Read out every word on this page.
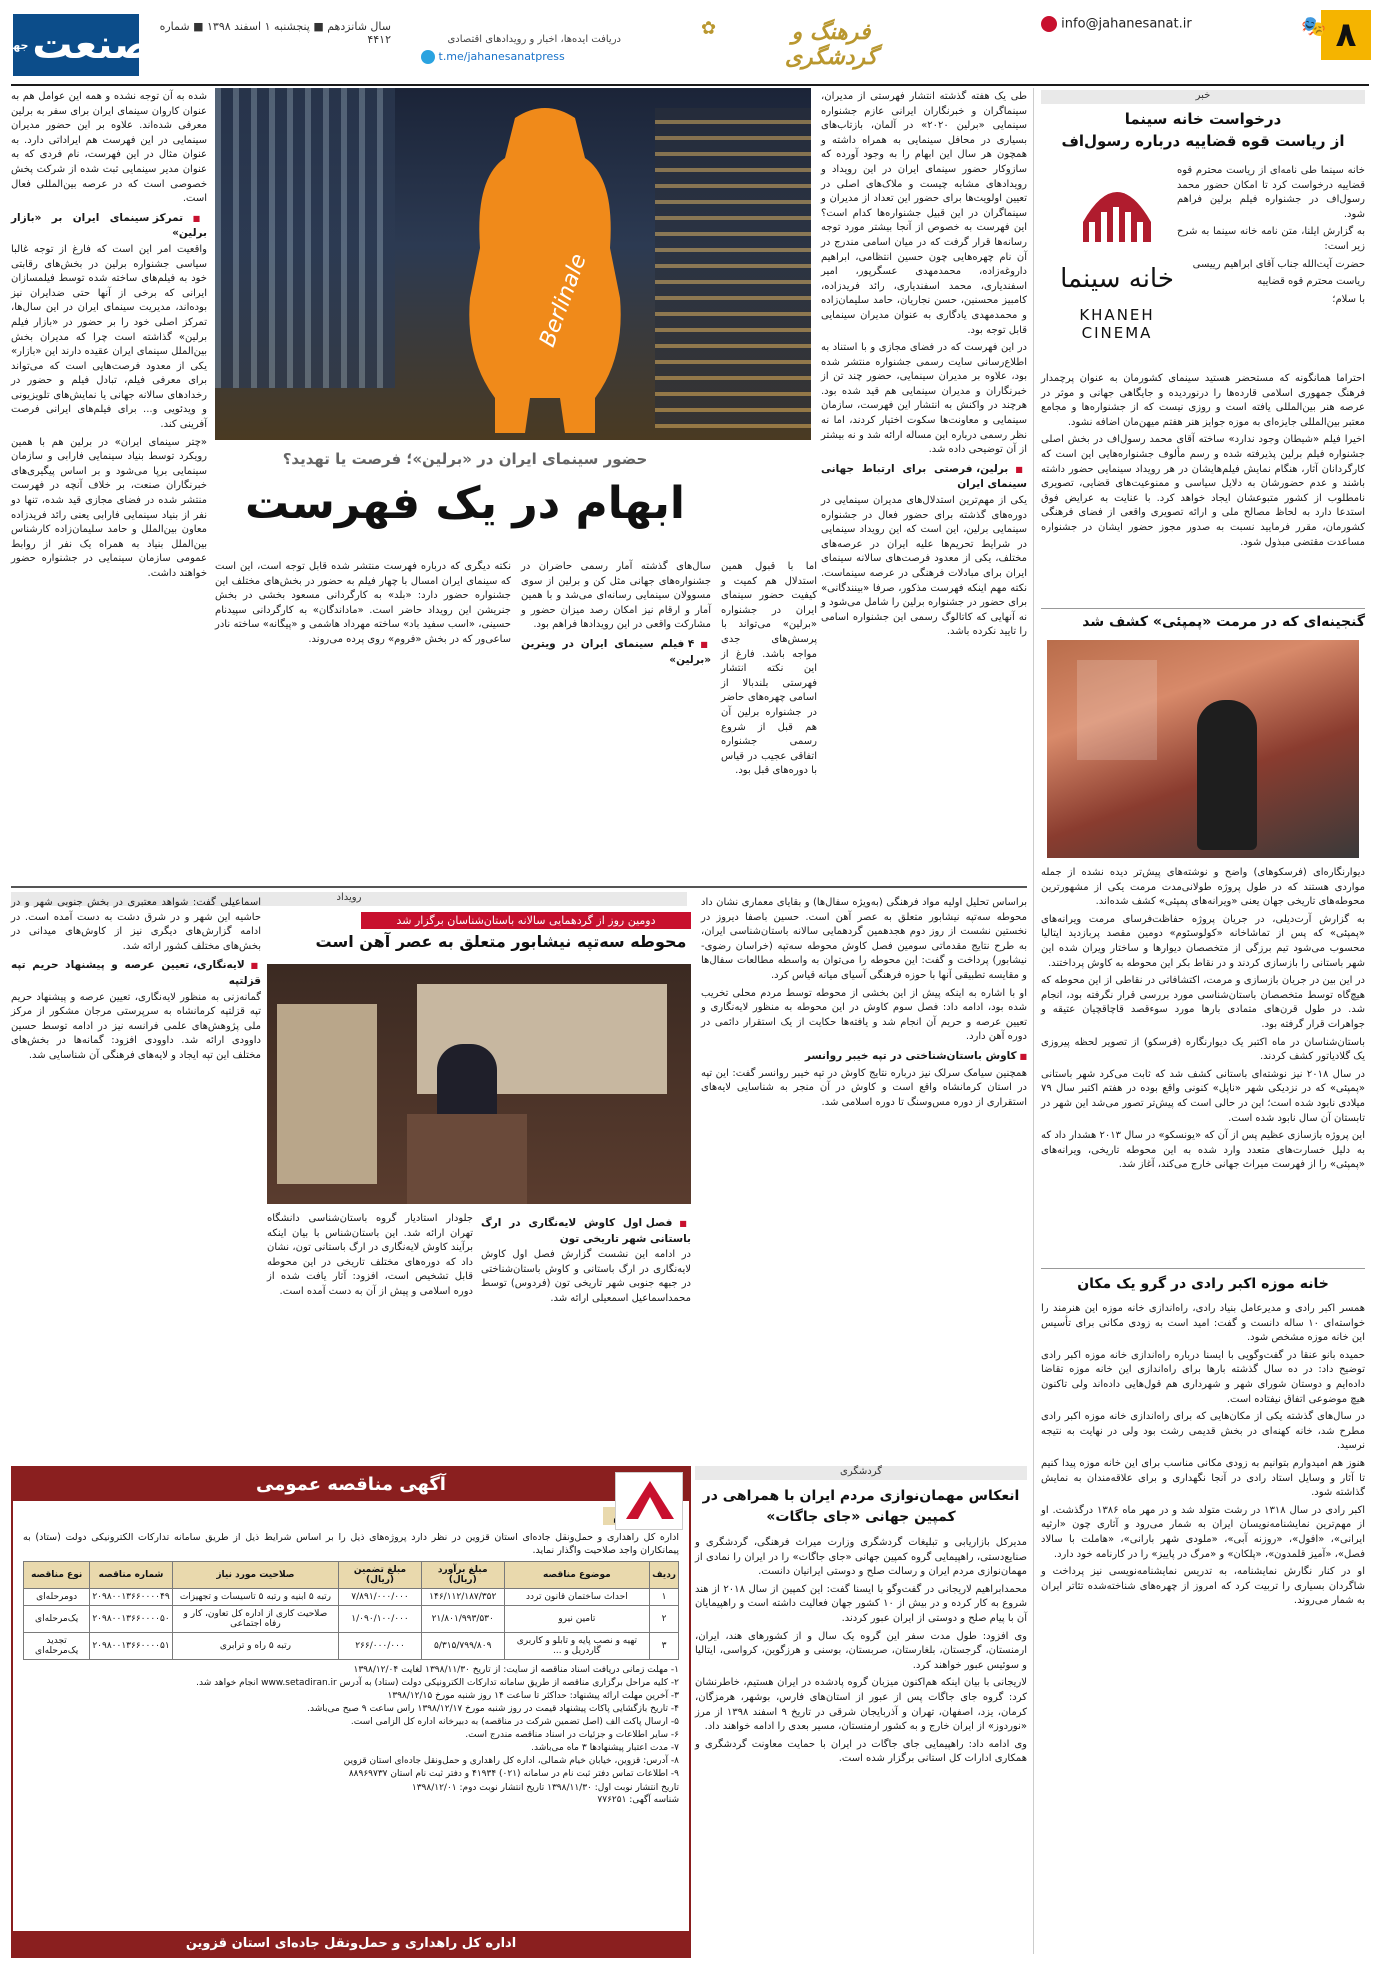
۸
🎭
info@jahanesanat.ir
فرهنگ و گردشگری
✿
دریافت ایده‌ها، اخبار و رویدادهای اقتصادی
t.me/jahanesanatpress
سال شانزدهم ■ پنجشنبه ۱ اسفند ۱۳۹۸ ■ شماره ۴۴۱۲
صنعت
جهان
خبر
درخواست خانه سینما
از ریاست قوه قضاییه درباره رسول‌اف
خانه سینما
KHANEH CINEMA

خانه سینما طی نامه‌ای از ریاست محترم قوه قضاییه درخواست کرد تا امکان حضور محمد رسول‌اف در جشنواره فیلم برلین فراهم شود.

به گزارش ایلنا، متن نامه خانه سینما به شرح زیر است:

حضرت آیت‌الله جناب آقای ابراهیم رییسی

ریاست محترم قوه قضاییه

با سلام؛

احتراما همانگونه که مستحضر هستید سینمای کشورمان به عنوان پرچمدار فرهنگ جمهوری اسلامی قارده‌ها را درنوردیده و جایگاهی جهانی و موثر در عرصه هنر بین‌المللی یافته است و روزی نیست که از جشنواره‌ها و مجامع معتبر بین‌المللی جایزه‌ای به موزه جوایز هنر هفتم میهن‌مان اضافه نشود.

اخیرا فیلم «شیطان وجود ندارد» ساخته آقای محمد رسول‌اف در بخش اصلی جشنواره فیلم برلین پذیرفته شده و رسم مألوف جشنواره‌هایی این است که کارگردانان آثار، هنگام نمایش فیلم‌هایشان در هر رویداد سینمایی حضور داشته باشند و عدم حضورشان به دلایل سیاسی و ممنوعیت‌های قضایی، تصویری نامطلوب از کشور متبوعشان ایجاد خواهد کرد. با عنایت به عرایض فوق استدعا دارد به لحاظ مصالح ملی و ارائه تصویری واقعی از فضای فرهنگی کشورمان، مقرر فرمایید نسبت به صدور مجوز حضور ایشان در جشنواره مساعدت مقتضی مبذول شود.

گنجینه‌ای که در مرمت «پمپئی» کشف شد

دیوارنگاره‌ای (فرسکوهای) واضح و نوشته‌های پیش‌تر دیده نشده از جمله مواردی هستند که در طول پروژه طولانی‌مدت مرمت یکی از مشهورترین محوطه‌های تاریخی جهان یعنی «ویرانه‌های پمپئی» کشف شده‌اند.

به گزارش آرت‌دیلی، در جریان پروژه حفاظت‌فرسای مرمت ویرانه‌های «پمپئی» که پس از تماشاخانه «کولوسئوم» دومین مقصد پربازدید ایتالیا محسوب می‌شود تیم برزگی از متخصصان دیوارها و ساختار ویران شده این شهر باستانی را بازسازی کردند و در نقاط بکر این محوطه به کاوش پرداختند.

در این بین در جریان بازسازی و مرمت، اکتشافاتی در نقاطی از این محوطه که هیچ‌گاه توسط متخصصان باستان‌شناسی مورد بررسی قرار نگرفته بود، انجام شد. در طول قرن‌های متمادی بارها مورد سوءقصد قاچاقچیان عتیقه و جواهرات قرار گرفته بود.

باستان‌شناسان در ماه اکتبر یک دیوارنگاره (فرسکو) از تصویر لحظه پیروزی یک گلادیاتور کشف کردند.

در سال ۲۰۱۸ نیز نوشته‌ای باستانی کشف شد که ثابت می‌کرد شهر باستانی «پمپئی» که در نزدیکی شهر «ناپل» کنونی واقع بوده در هفتم اکتبر سال ۷۹ میلادی نابود شده است؛ این در حالی است که پیش‌تر تصور می‌شد این شهر در تابستان آن سال نابود شده است.

این پروژه بازسازی عظیم پس از آن که «یونسکو» در سال ۲۰۱۳ هشدار داد که به دلیل خسارت‌های متعدد وارد شده به این محوطه تاریخی، ویرانه‌های «پمپئی» را از فهرست میراث جهانی خارج می‌کند، آغاز شد.

خانه موزه اکبر رادی در گرو یک مکان

همسر اکبر رادی و مدیرعامل بنیاد رادی، راه‌اندازی خانه موزه این هنرمند را خواسته‌ای ۱۰ ساله دانست و گفت: امید است به زودی مکانی برای تأسیس این خانه موزه مشخص شود.

حمیده بانو عنقا در گفت‌وگویی با ایسنا درباره راه‌اندازی خانه موزه اکبر رادی توضیح داد: در ده سال گذشته بارها برای راه‌اندازی این خانه موزه تقاضا داده‌ایم و دوستان شورای شهر و شهرداری هم قول‌هایی داده‌اند ولی تاکنون هیچ موضوعی اتفاق نیفتاده است.

در سال‌های گذشته یکی از مکان‌هایی که برای راه‌اندازی خانه موزه اکبر رادی مطرح شد، خانه کهنه‌ای در بخش قدیمی رشت بود ولی در نهایت به نتیجه نرسید.

هنوز هم امیدوارم بتوانیم به زودی مکانی مناسب برای این خانه موزه پیدا کنیم تا آثار و وسایل استاد رادی در آنجا نگهداری و برای علاقه‌مندان به نمایش گذاشته شود.

اکبر رادی در سال ۱۳۱۸ در رشت متولد شد و در مهر ماه ۱۳۸۶ درگذشت. او از مهم‌ترین نمایشنامه‌نویسان ایران به شمار می‌رود و آثاری چون «ارثیه ایرانی»، «افول»، «روزنه آبی»، «ملودی شهر بارانی»، «هاملت با سالاد فصل»، «آمیز قلمدون»، «پلکان» و «مرگ در پاییز» را در کارنامه خود دارد.

او در کنار نگارش نمایشنامه، به تدریس نمایشنامه‌نویسی نیز پرداخت و شاگردان بسیاری را تربیت کرد که امروز از چهره‌های شناخته‌شده تئاتر ایران به شمار می‌روند.

Berlinale
حضور سینمای ایران در «برلین»؛ فرصت یا تهدید؟
ابهام در یک فهرست

طی یک هفته گذشته انتشار فهرستی از مدیران، سینماگران و خبرنگاران ایرانی عازم جشنواره سینمایی «برلین ۲۰۲۰» در آلمان، بازتاب‌های بسیاری در محافل سینمایی به همراه داشته و همچون هر سال این ابهام را به وجود آورده که سازوکار حضور سینمای ایران در این رویداد و رویدادهای مشابه چیست و ملاک‌های اصلی در تعیین اولویت‌ها برای حضور این تعداد از مدیران و سینماگران در این قبیل جشنواره‌ها کدام است؟ این فهرست به خصوص از آنجا بیشتر مورد توجه رسانه‌ها قرار گرفت که در میان اسامی مندرج در آن نام چهره‌هایی چون حسین انتظامی، ابراهیم داروغه‌زاده، محمدمهدی عسگرپور، امیر اسفندیاری، محمد اسفندیاری، رائد فریدزاده، کامبیز محسنین، حسن نجاریان، حامد سلیمان‌زاده و محمدمهدی یادگاری به عنوان مدیران سینمایی قابل توجه بود.

در این فهرست که در فضای مجازی و با استناد به اطلاع‌رسانی سایت رسمی جشنواره منتشر شده بود، علاوه بر مدیران سینمایی، حضور چند تن از خبرنگاران و مدیران سینمایی هم قید شده بود. هرچند در واکنش به انتشار این فهرست، سازمان سینمایی و معاونت‌ها سکوت اختیار کردند، اما نه نظر رسمی درباره این مساله ارائه شد و نه بیشتر از آن توضیحی داده شد.

■ برلین، فرصتی برای ارتباط جهانی سینمای ایران

یکی از مهم‌ترین استدلال‌های مدیران سینمایی در دوره‌های گذشته برای حضور فعال در جشنواره سینمایی برلین، این است که این رویداد سینمایی در شرایط تحریم‌ها علیه ایران در عرصه‌های مختلف، یکی از معدود فرصت‌های سالانه سینمای ایران برای مبادلات فرهنگی در عرصه سینماست. نکته مهم اینکه فهرست مذکور، صرفا «بینندگانی» برای حضور در جشنواره برلین را شامل می‌شود و نه آنهایی که کاتالوگ رسمی این جشنواره اسامی را تایید نکرده باشد.

اما با قبول همین استدلال هم کمیت و کیفیت حضور سینمای ایران در جشنواره «برلین» می‌تواند با پرسش‌های جدی مواجه باشد. فارغ از این نکته انتشار فهرستی بلندبالا از اسامی چهره‌های حاضر در جشنواره برلین آن هم قبل از شروع رسمی جشنواره اتفاقی عجیب در قیاس با دوره‌های قبل بود.

سال‌های گذشته آمار رسمی حاضران در جشنواره‌های جهانی مثل کن و برلین از سوی مسوولان سینمایی رسانه‌ای می‌شد و با همین آمار و ارقام نیز امکان رصد میزان حضور و مشارکت واقعی در این رویدادها فراهم بود.

■ ۴ فیلم سینمای ایران در ویترین «برلین»

نکته دیگری که درباره فهرست منتشر شده قابل توجه است، این است که سینمای ایران امسال با چهار فیلم به حضور در بخش‌های مختلف این جشنواره حضور دارد: «بلد» به کارگردانی مسعود بخشی در بخش جنریشن این رویداد حاضر است. «ماداندگان» به کارگردانی سپیدنام حسینی، «اسب سفید باد» ساخته مهرداد هاشمی و «پیگانه» ساخته نادر ساعی‌ور که در بخش «فروم» روی پرده می‌روند.

شده به آن توجه نشده و همه این عوامل هم به عنوان کاروان سینمای ایران برای سفر به برلین معرفی شده‌اند. علاوه بر این حضور مدیران سینمایی در این فهرست هم ایراداتی دارد. به عنوان مثال در این فهرست، نام فردی که به عنوان مدیر سینمایی ثبت شده از شرکت پخش خصوصی است که در عرصه بین‌المللی فعال است.

■ تمرکز سینمای ایران بر «بازار برلین»

واقعیت امر این است که فارغ از توجه غالبا سیاسی جشنواره برلین در بخش‌های رقابتی خود به فیلم‌های ساخته شده توسط فیلمسازان ایرانی که برخی از آنها حتی ضدایران نیز بوده‌اند، مدیریت سینمای ایران در این سال‌ها، تمرکز اصلی خود را بر حضور در «بازار فیلم برلین» گذاشته است چرا که مدیران بخش بین‌الملل سینمای ایران عقیده دارند این «بازار» یکی از معدود فرصت‌هایی است که می‌تواند برای معرفی فیلم، تبادل فیلم و حضور در رخدادهای سالانه جهانی یا نمایش‌های تلویزیونی و ویدئویی و... برای فیلم‌های ایرانی فرصت آفرینی کند.

«چتر سینمای ایران» در برلین هم با همین رویکرد توسط بنیاد سینمایی فارابی و سازمان سینمایی برپا می‌شود و بر اساس پیگیری‌های خبرنگاران صنعت، بر خلاف آنچه در فهرست منتشر شده در فضای مجازی قید شده، تنها دو نفر از بنیاد سینمایی فارابی یعنی رائد فریدزاده معاون بین‌الملل و حامد سلیمان‌زاده کارشناس بین‌الملل بنیاد به همراه یک نفر از روابط عمومی سازمان سینمایی در جشنواره حضور خواهند داشت.

رویداد
دومین روز از گردهمایی سالانه باستان‌شناسان برگزار شد
محوطه سه‌تپه نیشابور متعلق به عصر آهن است

براساس تحلیل اولیه مواد فرهنگی (به‌ویژه سفال‌ها) و بقایای معماری نشان داد محوطه سه‌تپه نیشابور متعلق به عصر آهن است. حسین باصفا دیروز در نخستین نشست از روز دوم هجدهمین گردهمایی سالانه باستان‌شناسی ایران، به طرح نتایج مقدماتی سومین فصل کاوش محوطه سه‌تپه (خراسان رضوی-نیشابور) پرداخت و گفت: این محوطه را می‌توان به واسطه مطالعات سفال‌ها و مقایسه تطبیقی آنها با حوزه فرهنگی آسیای میانه قیاس کرد.

او با اشاره به اینکه پیش از این بخشی از محوطه توسط مردم محلی تخریب شده بود، ادامه داد: فصل سوم کاوش در این محوطه به منظور لایه‌نگاری و تعیین عرصه و حریم آن انجام شد و یافته‌ها حکایت از یک استقرار دائمی در دوره آهن دارد.

■ کاوش باستان‌شناختی در تپه خیبر روانسر

همچنین سیامک سرلک نیز درباره نتایج کاوش در تپه خیبر روانسر گفت: این تپه در استان کرمانشاه واقع است و کاوش در آن منجر به شناسایی لایه‌های استقراری از دوره مس‌وسنگ تا دوره اسلامی شد.

■ فصل اول کاوش لایه‌نگاری در ارگ باستانی شهر تاریخی تون

در ادامه این نشست گزارش فصل اول کاوش لایه‌نگاری در ارگ باستانی و کاوش باستان‌شناختی در جبهه جنوبی شهر تاریخی تون (فردوس) توسط محمداسماعیل اسمعیلی ارائه شد.

جلودار استادیار گروه باستان‌شناسی دانشگاه تهران ارائه شد. این باستان‌شناس با بیان اینکه برآیند کاوش لایه‌نگاری در ارگ باستانی تون، نشان داد که دوره‌های مختلف تاریخی در این محوطه قابل تشخیص است، افزود: آثار یافت شده از دوره اسلامی و پیش از آن به دست آمده است.

اسماعیلی گفت: شواهد معتبری در بخش جنوبی شهر و در حاشیه این شهر و در شرق دشت به دست آمده است. در ادامه گزارش‌های دیگری نیز از کاوش‌های میدانی در بخش‌های مختلف کشور ارائه شد.

■ لایه‌نگاری، تعیین عرصه و پیشنهاد حریم تپه قزلتپه

گمانه‌زنی به منظور لایه‌نگاری، تعیین عرصه و پیشنهاد حریم تپه قزلتپه کرمانشاه به سرپرستی مرجان مشکور از مرکز ملی پژوهش‌های علمی فرانسه نیز در ادامه توسط حسین داوودی ارائه شد. داوودی افزود: گمانه‌ها در بخش‌های مختلف این تپه ایجاد و لایه‌های فرهنگی آن شناسایی شد.

گردشگری
انعکاس مهمان‌نوازی مردم ایران با همراهی در کمپین جهانی «جای جاگات»

مدیرکل بازاریابی و تبلیغات گردشگری وزارت میراث فرهنگی، گردشگری و صنایع‌دستی، راهپیمایی گروه کمپین جهانی «جای جاگات» را در ایران را نمادی از مهمان‌نوازی مردم ایران و رسالت صلح و دوستی ایرانیان دانست.

محمدابراهیم لاریجانی در گفت‌وگو با ایسنا گفت: این کمپین از سال ۲۰۱۸ از هند شروع به کار کرده و در بیش از ۱۰ کشور جهان فعالیت داشته است و راهپیمایان آن با پیام صلح و دوستی از ایران عبور کردند.

وی افزود: طول مدت سفر این گروه یک سال و از کشورهای هند، ایران، ارمنستان، گرجستان، بلغارستان، صربستان، بوسنی و هرزگوین، کرواسی، ایتالیا و سوئیس عبور خواهند کرد.

لاریجانی با بیان اینکه هم‌اکنون میزبان گروه پادشده در ایران هستیم، خاطرنشان کرد: گروه جای جاگات پس از عبور از استان‌های فارس، بوشهر، هرمزگان، کرمان، یزد، اصفهان، تهران و آذربایجان شرقی در تاریخ ۹ اسفند ۱۳۹۸ از مرز «نوردوز» از ایران خارج و به کشور ارمنستان، مسیر بعدی را ادامه خواهند داد.

وی ادامه داد: راهپیمایی جای جاگات در ایران با حمایت معاونت گردشگری و همکاری ادارات کل استانی برگزار شده است.

آگهی مناقصه عمومی
اداره کل راهداری و حمل‌ونقل جاده‌ای استان قزوین در نظر دارد پروژه‌های ذیل را بر اساس شرایط ذیل از طریق سامانه تدارکات الکترونیکی دولت (ستاد) به پیمانکاران واجد صلاحیت واگذار نماید.
ردیف	موضوع مناقصه	مبلغ برآورد (ریال)	مبلغ تضمین (ریال)	صلاحیت مورد نیاز	شماره مناقصه	نوع مناقصه
۱	احداث ساختمان قانون تردد	۱۴۶/۱۱۲/۱۸۷/۳۵۲	۷/۸۹۱/۰۰۰/۰۰۰	رتبه ۵ ابنیه و رتبه ۵ تاسیسات و تجهیزات	۲۰۹۸۰۰۱۳۶۶۰۰۰۰۴۹	دومرحله‌ای
۲	تامین نیرو	۲۱/۸۰۱/۹۹۳/۵۳۰	۱/۰۹۰/۱۰۰/۰۰۰	صلاحیت کاری از اداره کل تعاون، کار و رفاه اجتماعی	۲۰۹۸۰۰۱۳۶۶۰۰۰۰۵۰	یک‌مرحله‌ای
۳	تهیه و نصب پایه و تابلو و کاربری گاردریل و ...	۵/۳۱۵/۷۹۹/۸۰۹	۲۶۶/۰۰۰/۰۰۰	رتبه ۵ راه و ترابری	۲۰۹۸۰۰۱۳۶۶۰۰۰۰۵۱	تجدید یک‌مرحله‌ای
۱- مهلت زمانی دریافت اسناد مناقصه از سایت: از تاریخ ۱۳۹۸/۱۱/۳۰ لغایت ۱۳۹۸/۱۲/۰۴
۲- کلیه مراحل برگزاری مناقصه از طریق سامانه تدارکات الکترونیکی دولت (ستاد) به آدرس www.setadiran.ir انجام خواهد شد.
۳- آخرین مهلت ارائه پیشنهاد: حداکثر تا ساعت ۱۴ روز شنبه مورخ ۱۳۹۸/۱۲/۱۵
۴- تاریخ بازگشایی پاکات پیشنهاد قیمت در روز شنبه مورخ ۱۳۹۸/۱۲/۱۷ راس ساعت ۹ صبح می‌باشد.
۵- ارسال پاکت الف (اصل تضمین شرکت در مناقصه) به دبیرخانه اداره کل الزامی است.
۶- سایر اطلاعات و جزئیات در اسناد مناقصه مندرج است.
۷- مدت اعتبار پیشنهادها ۳ ماه می‌باشد.
۸- آدرس: قزوین، خیابان خیام شمالی، اداره کل راهداری و حمل‌ونقل جاده‌ای استان قزوین
۹- اطلاعات تماس دفتر ثبت نام در سامانه (۰۲۱) ۴۱۹۳۴ و دفتر ثبت نام استان ۸۸۹۶۹۷۳۷
تاریخ انتشار نوبت اول: ۱۳۹۸/۱۱/۳۰ تاریخ انتشار نوبت دوم: ۱۳۹۸/۱۲/۰۱
شناسه آگهی: ۷۷۶۲۵۱
اداره کل راهداری و حمل‌ونقل جاده‌ای استان قزوین
